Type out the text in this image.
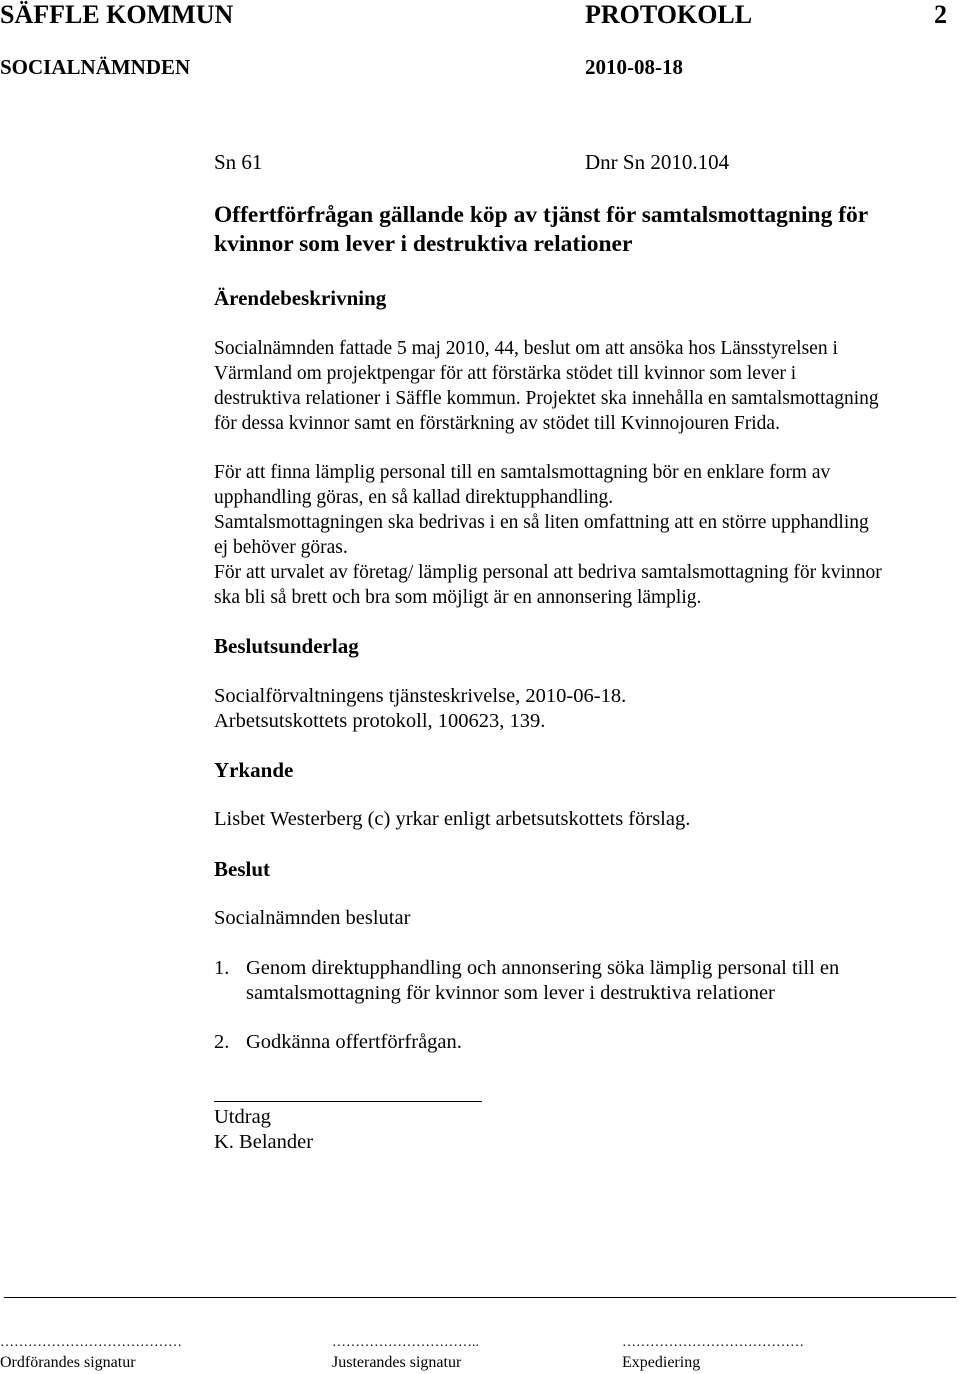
SÄFFLE KOMMUN	PROTOKOLL	2
SOCIALNÄMNDEN	2010-08-18
Sn 61	Dnr Sn 2010.104
Offertförfrågan gällande köp av tjänst för samtalsmottagning för
kvinnor som lever i destruktiva relationer
Ärendebeskrivning

Socialnämnden fattade 5 maj 2010, 44, beslut om att ansöka hos Länsstyrelsen i

Värmland om projektpengar för att förstärka stödet till kvinnor som lever i

destruktiva relationer i Säffle kommun. Projektet ska innehålla en samtalsmottagning

för dessa kvinnor samt en förstärkning av stödet till Kvinnojouren Frida.

För att finna lämplig personal till en samtalsmottagning bör en enklare form av

upphandling göras, en så kallad direktupphandling.

Samtalsmottagningen ska bedrivas i en så liten omfattning att en större upphandling

ej behöver göras.

För att urvalet av företag/ lämplig personal att bedriva samtalsmottagning för kvinnor

ska bli så brett och bra som möjligt är en annonsering lämplig.

Beslutsunderlag

Socialförvaltningens tjänsteskrivelse, 2010-06-18.

Arbetsutskottets protokoll, 100623, 139.

Yrkande
Lisbet Westerberg (c) yrkar enligt arbetsutskottets förslag.
Beslut
Socialnämnden beslutar
1. Genom direktupphandling och annonsering söka lämplig personal till en
samtalsmottagning för kvinnor som lever i destruktiva relationer
2. Godkänna offertförfrågan.
Utdrag
K. Belander
…………………………………	…………………………..	…………………………………
Ordförandes signatur	Justerandes signatur	Expediering
